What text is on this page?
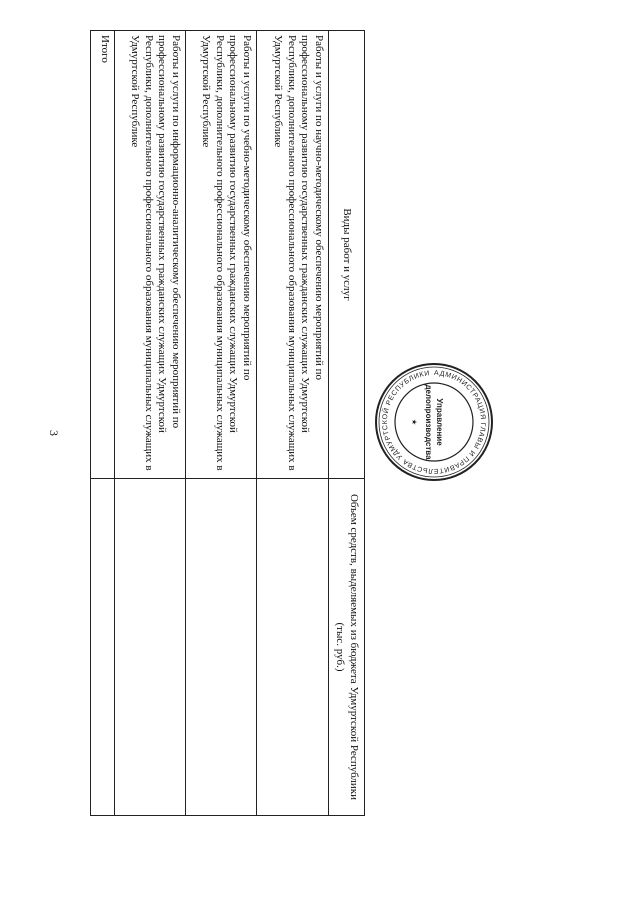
3
Виды работ и услуг	Объем средств, выделяемых из бюджета Удмуртской Республики (тыс. руб.)
Работы и услуги по научно-методическому обеспечению мероприятий по профессиональному развитию государственных гражданских служащих Удмуртской Республики, дополнительного профессионального образования муниципальных служащих в Удмуртской Республике	
Работы и услуги по учебно-методическому обеспечению мероприятий по профессиональному развитию государственных гражданских служащих Удмуртской Республики, дополнительного профессионального образования муниципальных служащих в Удмуртской Республике	
Работы и услуги по информационно-аналитическому обеспечению мероприятий по профессиональному развитию государственных гражданских служащих Удмуртской Республики, дополнительного профессионального образования муниципальных служащих в Удмуртской Республике	
Итого	
АДМИНИСТРАЦИЯ ГЛАВЫ И ПРАВИТЕЛЬСТВА УДМУРТСКОЙ РЕСПУБЛИКИ
Управление
делопроизводства
★
